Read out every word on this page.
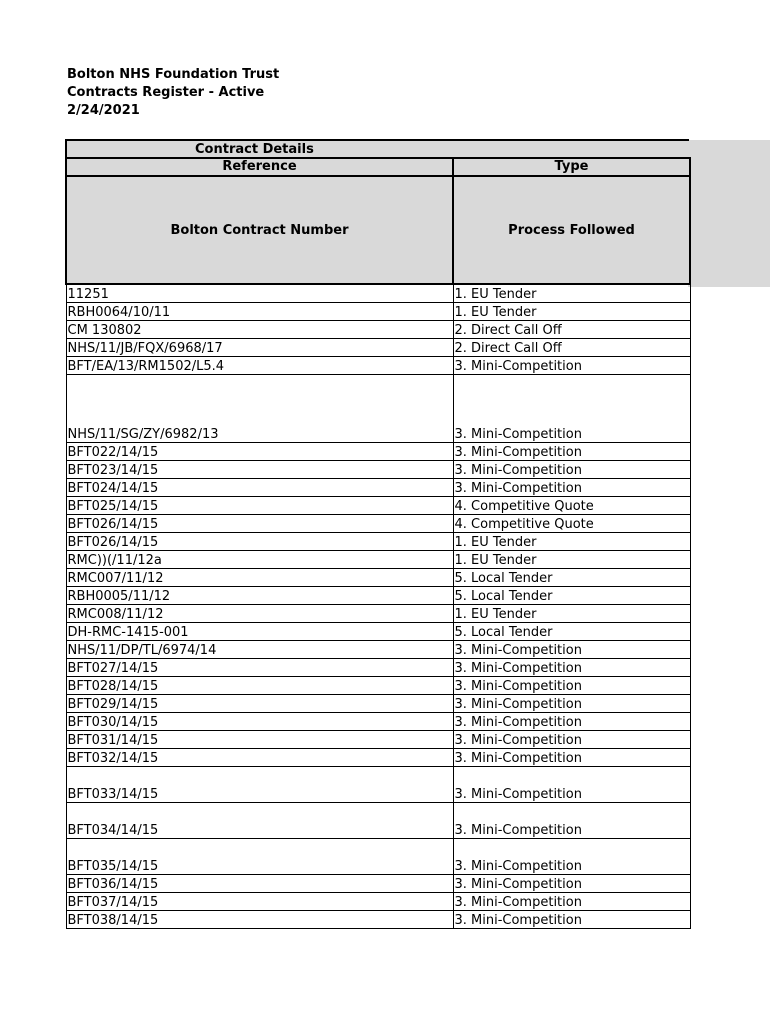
Bolton NHS Foundation Trust
Contracts Register - Active
2/24/2021
Contract Details
Reference	Type
Bolton Contract Number	Process Followed
11251	1. EU Tender
RBH0064/10/11	1. EU Tender
CM 130802	2. Direct Call Off
NHS/11/JB/FQX/6968/17	2. Direct Call Off
BFT/EA/13/RM1502/L5.4	3. Mini-Competition
NHS/11/SG/ZY/6982/13	3. Mini-Competition
BFT022/14/15	3. Mini-Competition
BFT023/14/15	3. Mini-Competition
BFT024/14/15	3. Mini-Competition
BFT025/14/15	4. Competitive Quote
BFT026/14/15	4. Competitive Quote
BFT026/14/15	1. EU Tender
RMC))(/11/12a	1. EU Tender
RMC007/11/12	5. Local Tender
RBH0005/11/12	5. Local Tender
RMC008/11/12	1. EU Tender
DH-RMC-1415-001	5. Local Tender
NHS/11/DP/TL/6974/14	3. Mini-Competition
BFT027/14/15	3. Mini-Competition
BFT028/14/15	3. Mini-Competition
BFT029/14/15	3. Mini-Competition
BFT030/14/15	3. Mini-Competition
BFT031/14/15	3. Mini-Competition
BFT032/14/15	3. Mini-Competition
BFT033/14/15	3. Mini-Competition
BFT034/14/15	3. Mini-Competition
BFT035/14/15	3. Mini-Competition
BFT036/14/15	3. Mini-Competition
BFT037/14/15	3. Mini-Competition
BFT038/14/15	3. Mini-Competition
